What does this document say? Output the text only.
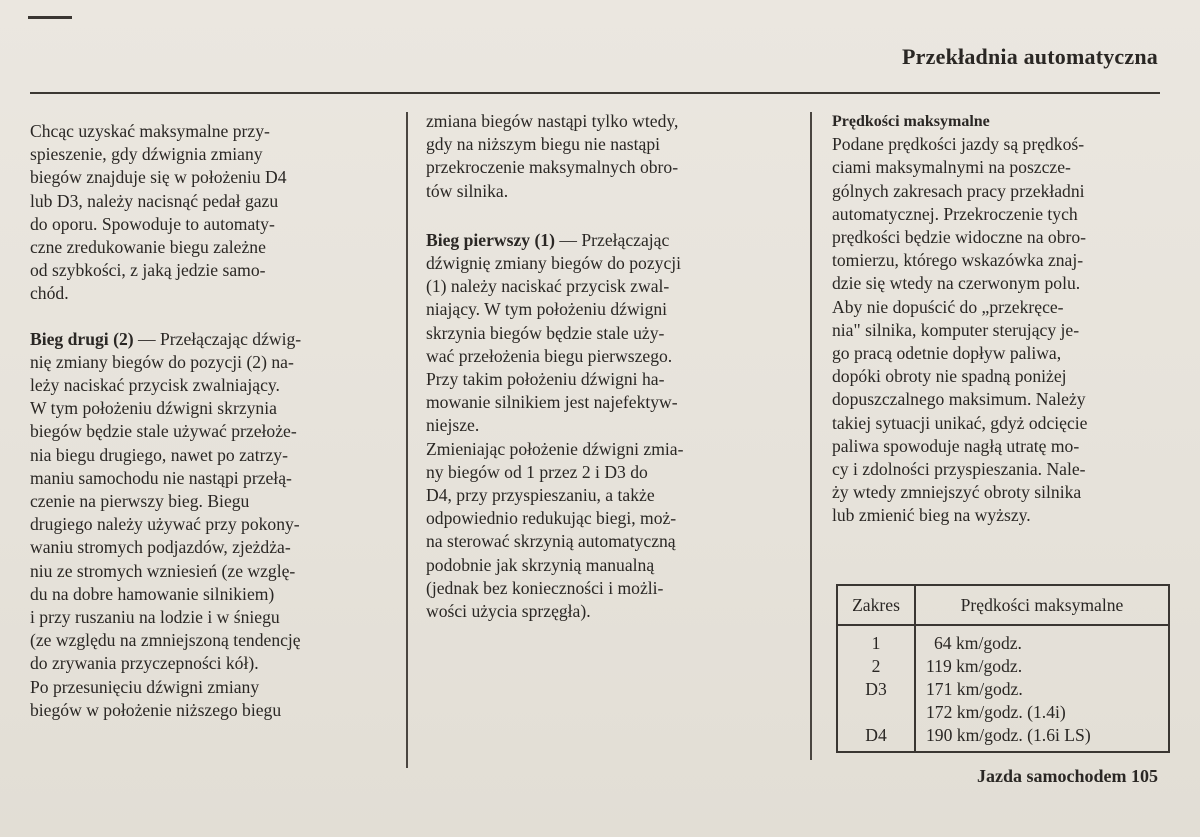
Przekładnia automatyczna

Chcąc uzyskać maksymalne przy-

spieszenie, gdy dźwignia zmiany

biegów znajduje się w położeniu D4

lub D3, należy nacisnąć pedał gazu

do oporu. Spowoduje to automaty-

czne zredukowanie biegu zależne

od szybkości, z jaką jedzie samo-

chód.

Bieg drugi (2) — Przełączając dźwig-

nię zmiany biegów do pozycji (2) na-

leży naciskać przycisk zwalniający.

W tym położeniu dźwigni skrzynia

biegów będzie stale używać przełoże-

nia biegu drugiego, nawet po zatrzy-

maniu samochodu nie nastąpi przełą-

czenie na pierwszy bieg. Biegu

drugiego należy używać przy pokony-

waniu stromych podjazdów, zjeżdża-

niu ze stromych wzniesień (ze wzglę-

du na dobre hamowanie silnikiem)

i przy ruszaniu na lodzie i w śniegu

(ze względu na zmniejszoną tendencję

do zrywania przyczepności kół).

Po przesunięciu dźwigni zmiany

biegów w położenie niższego biegu

zmiana biegów nastąpi tylko wtedy,

gdy na niższym biegu nie nastąpi

przekroczenie maksymalnych obro-

tów silnika.

Bieg pierwszy (1) — Przełączając

dźwignię zmiany biegów do pozycji

(1) należy naciskać przycisk zwal-

niający. W tym położeniu dźwigni

skrzynia biegów będzie stale uży-

wać przełożenia biegu pierwszego.

Przy takim położeniu dźwigni ha-

mowanie silnikiem jest najefektyw-

niejsze.

Zmieniając położenie dźwigni zmia-

ny biegów od 1 przez 2 i D3 do

D4, przy przyspieszaniu, a także

odpowiednio redukując biegi, moż-

na sterować skrzynią automatyczną

podobnie jak skrzynią manualną

(jednak bez konieczności i możli-

wości użycia sprzęgła).

Prędkości maksymalne

Podane prędkości jazdy są prędkoś-

ciami maksymalnymi na poszcze-

gólnych zakresach pracy przekładni

automatycznej. Przekroczenie tych

prędkości będzie widoczne na obro-

tomierzu, którego wskazówka znaj-

dzie się wtedy na czerwonym polu.

Aby nie dopuścić do „przekręce-

nia" silnika, komputer sterujący je-

go pracą odetnie dopływ paliwa,

dopóki obroty nie spadną poniżej

dopuszczalnego maksimum. Należy

takiej sytuacji unikać, gdyż odcięcie

paliwa spowoduje nagłą utratę mo-

cy i zdolności przyspieszania. Nale-

ży wtedy zmniejszyć obroty silnika

lub zmienić bieg na wyższy.

Zakres	Prędkości maksymalne
1
2
D3
D4
64 km/godz.
119 km/godz.
171 km/godz.
172 km/godz. (1.4i)
190 km/godz. (1.6i LS)
Jazda samochodem 105
